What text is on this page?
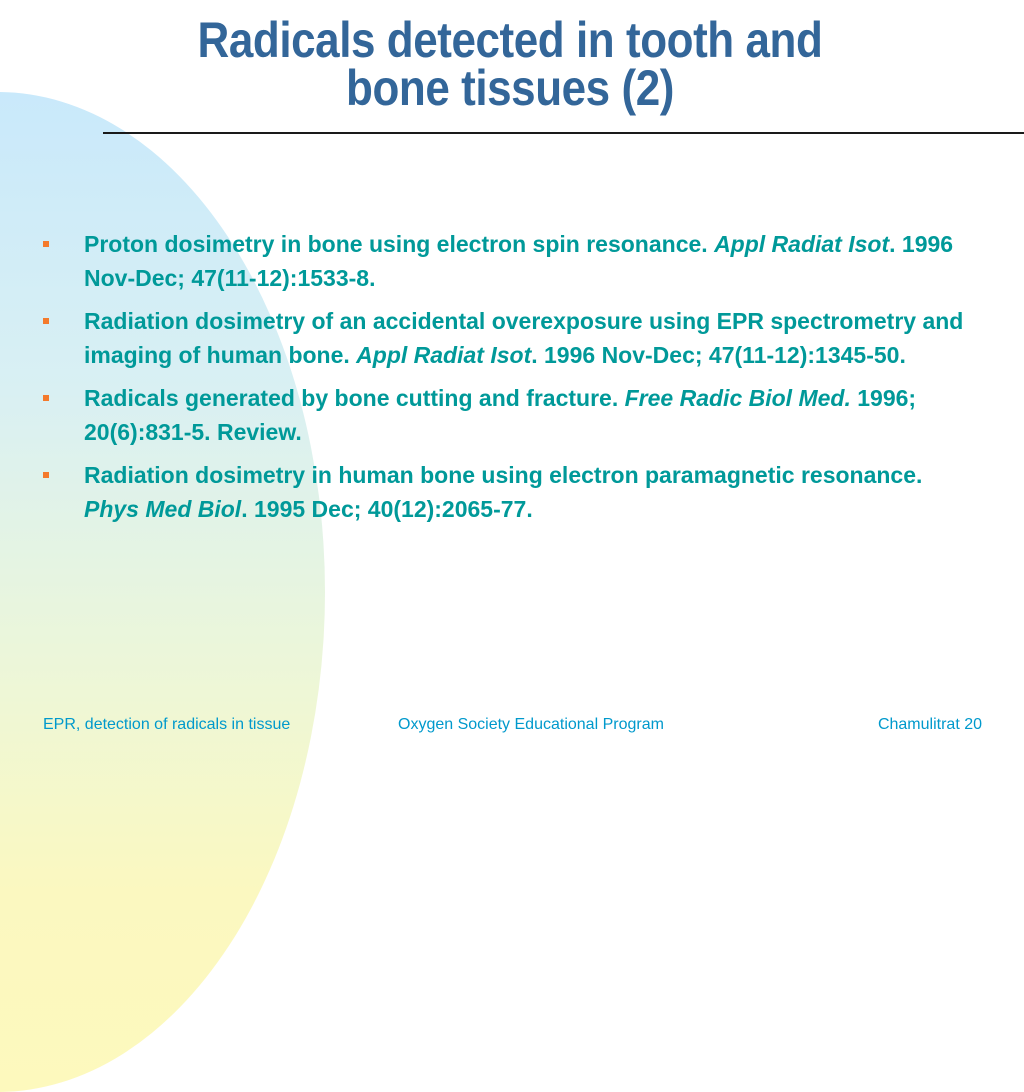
Radicals detected in tooth and
bone tissues (2)
Proton dosimetry in bone using electron spin resonance. Appl Radiat Isot. 1996 Nov-Dec; 47(11-12):1533-8.
Radiation dosimetry of an accidental overexposure using EPR spectrometry and imaging of human bone. Appl Radiat Isot. 1996 Nov-Dec; 47(11-12):1345-50.
Radicals generated by bone cutting and fracture. Free Radic Biol Med. 1996; 20(6):831-5. Review.
Radiation dosimetry in human bone using electron paramagnetic resonance. Phys Med Biol. 1995 Dec; 40(12):2065-77.
EPR, detection of radicals in tissue	Oxygen Society Educational Program	Chamulitrat 20
